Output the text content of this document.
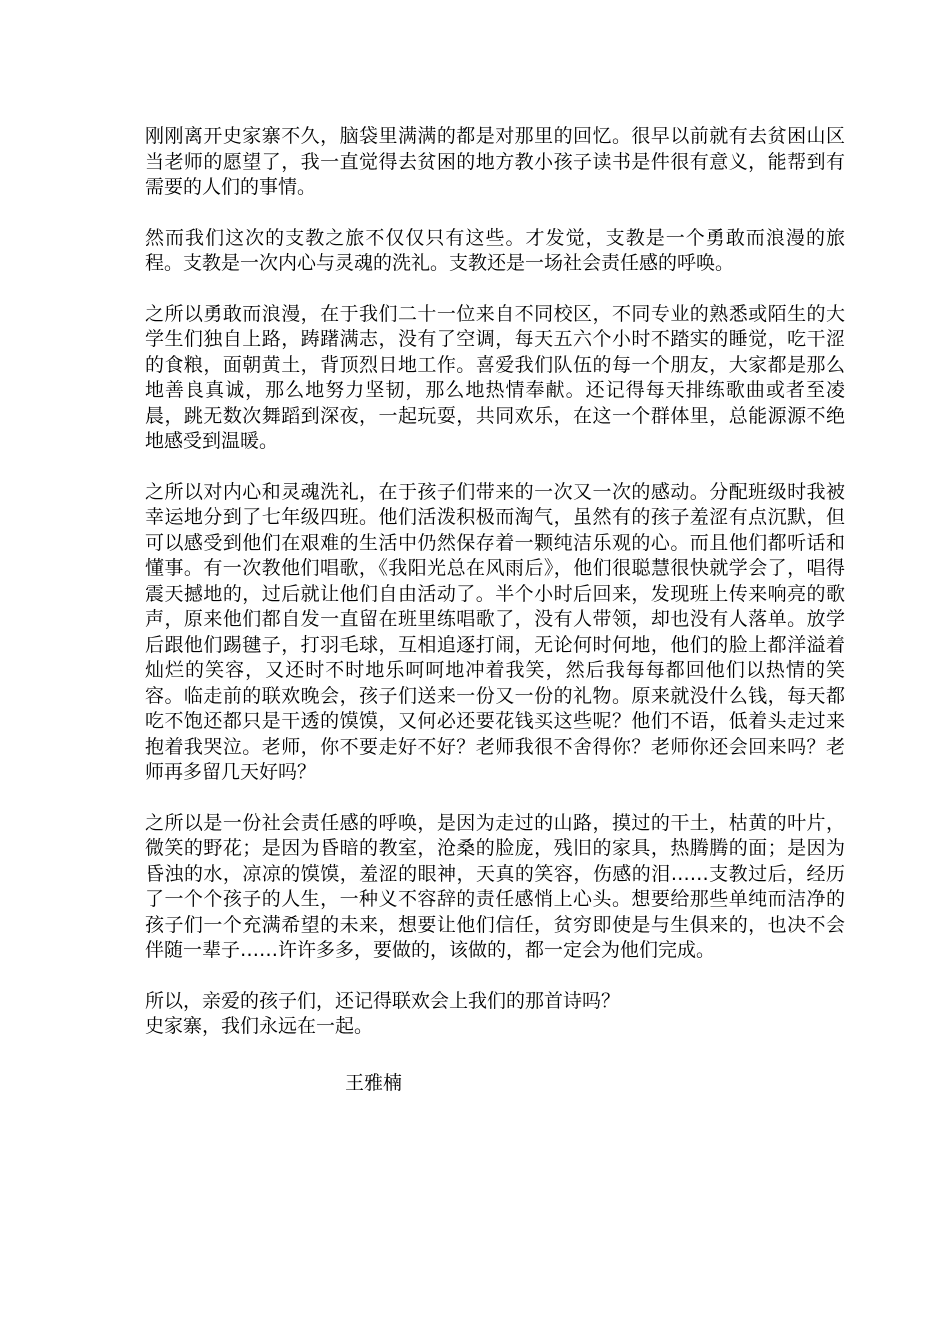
刚刚离开史家寨不久，脑袋里满满的都是对那里的回忆。很早以前就有去贫困山区当老师的愿望了，我一直觉得去贫困的地方教小孩子读书是件很有意义，能帮到有需要的人们的事情。

然而我们这次的支教之旅不仅仅只有这些。才发觉，支教是一个勇敢而浪漫的旅程。支教是一次内心与灵魂的洗礼。支教还是一场社会责任感的呼唤。

之所以勇敢而浪漫，在于我们二十一位来自不同校区，不同专业的熟悉或陌生的大学生们独自上路，踌躇满志，没有了空调，每天五六个小时不踏实的睡觉，吃干涩的食粮，面朝黄土，背顶烈日地工作。喜爱我们队伍的每一个朋友，大家都是那么地善良真诚，那么地努力坚韧，那么地热情奉献。还记得每天排练歌曲或者至凌晨，跳无数次舞蹈到深夜，一起玩耍，共同欢乐，在这一个群体里，总能源源不绝地感受到温暖。

之所以对内心和灵魂洗礼，在于孩子们带来的一次又一次的感动。分配班级时我被幸运地分到了七年级四班。他们活泼积极而淘气，虽然有的孩子羞涩有点沉默，但可以感受到他们在艰难的生活中仍然保存着一颗纯洁乐观的心。而且他们都听话和懂事。有一次教他们唱歌，《我阳光总在风雨后》，他们很聪慧很快就学会了，唱得震天撼地的，过后就让他们自由活动了。半个小时后回来，发现班上传来响亮的歌声，原来他们都自发一直留在班里练唱歌了，没有人带领，却也没有人落单。放学后跟他们踢毽子，打羽毛球，互相追逐打闹，无论何时何地，他们的脸上都洋溢着灿烂的笑容，又还时不时地乐呵呵地冲着我笑，然后我每每都回他们以热情的笑容。临走前的联欢晚会，孩子们送来一份又一份的礼物。原来就没什么钱，每天都吃不饱还都只是干透的馍馍，又何必还要花钱买这些呢？他们不语，低着头走过来抱着我哭泣。老师，你不要走好不好？老师我很不舍得你？老师你还会回来吗？老师再多留几天好吗？

之所以是一份社会责任感的呼唤，是因为走过的山路，摸过的干土，枯黄的叶片，微笑的野花；是因为昏暗的教室，沧桑的脸庞，残旧的家具，热腾腾的面；是因为昏浊的水，凉凉的馍馍，羞涩的眼神，天真的笑容，伤感的泪……支教过后，经历了一个个孩子的人生，一种义不容辞的责任感悄上心头。想要给那些单纯而洁净的孩子们一个充满希望的未来，想要让他们信任，贫穷即使是与生俱来的，也决不会伴随一辈子……许许多多，要做的，该做的，都一定会为他们完成。

所以，亲爱的孩子们，还记得联欢会上我们的那首诗吗？

史家寨，我们永远在一起。

王雅楠
